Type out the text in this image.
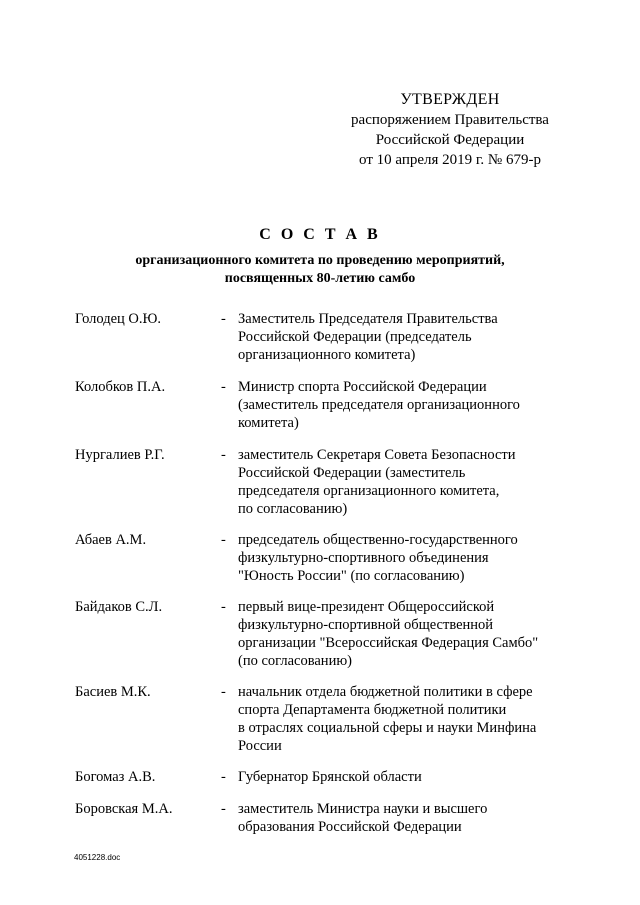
УТВЕРЖДЕН
распоряжением Правительства
Российской Федерации
от 10 апреля 2019 г. № 679-р
С О С Т А В
организационного комитета по проведению мероприятий,
посвященных 80-летию самбо
Голодец О.Ю.	- Заместитель Председателя Правительства
Российской Федерации (председатель
организационного комитета)
Колобков П.А.	- Министр спорта Российской Федерации
(заместитель председателя организационного
комитета)
Нургалиев Р.Г.	- заместитель Секретаря Совета Безопасности
Российской Федерации (заместитель
председателя организационного комитета,
по согласованию)
Абаев А.М.	- председатель общественно-государственного
физкультурно-спортивного объединения
"Юность России" (по согласованию)
Байдаков С.Л.	- первый вице-президент Общероссийской
физкультурно-спортивной общественной
организации "Всероссийская Федерация Самбо"
(по согласованию)
Басиев М.К.	- начальник отдела бюджетной политики в сфере
спорта Департамента бюджетной политики
в отраслях социальной сферы и науки Минфина
России
Богомаз А.В.	- Губернатор Брянской области
Боровская М.А.	- заместитель Министра науки и высшего
образования Российской Федерации
4051228.doc
